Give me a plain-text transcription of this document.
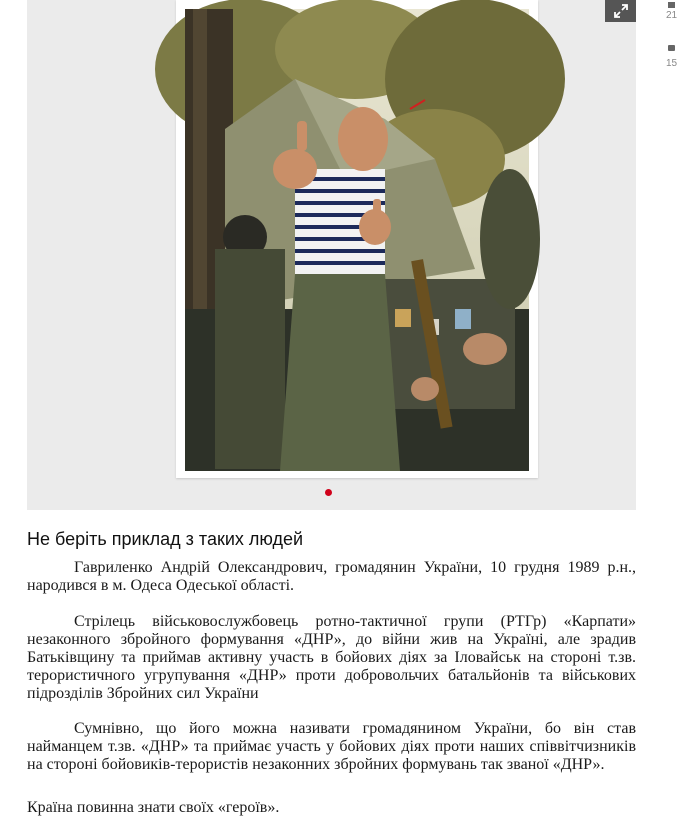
21
15
Не беріть приклад з таких людей

Гавриленко Андрій Олександрович, громадянин України, 10 грудня 1989 р.н., народився в м. Одеса Одеської області.

Стрілець військовослужбовець ротно-тактичної групи (РТГр) «Карпати» незаконного збройного формування «ДНР», до війни жив на Україні, але зрадив Батьківщину та приймав активну участь в бойових діях за Іловайськ на стороні т.зв. терористичного угрупування «ДНР» проти добровольчих батальйонів та військових підрозділів Збройних сил України

Сумнівно, що його можна називати громадянином України, бо він став найманцем т.зв. «ДНР» та приймає участь у бойових діях проти наших співвітчизників на стороні бойовиків-терористів незаконних збройних формувань так званої «ДНР».

Країна повинна знати своїх «героїв».
